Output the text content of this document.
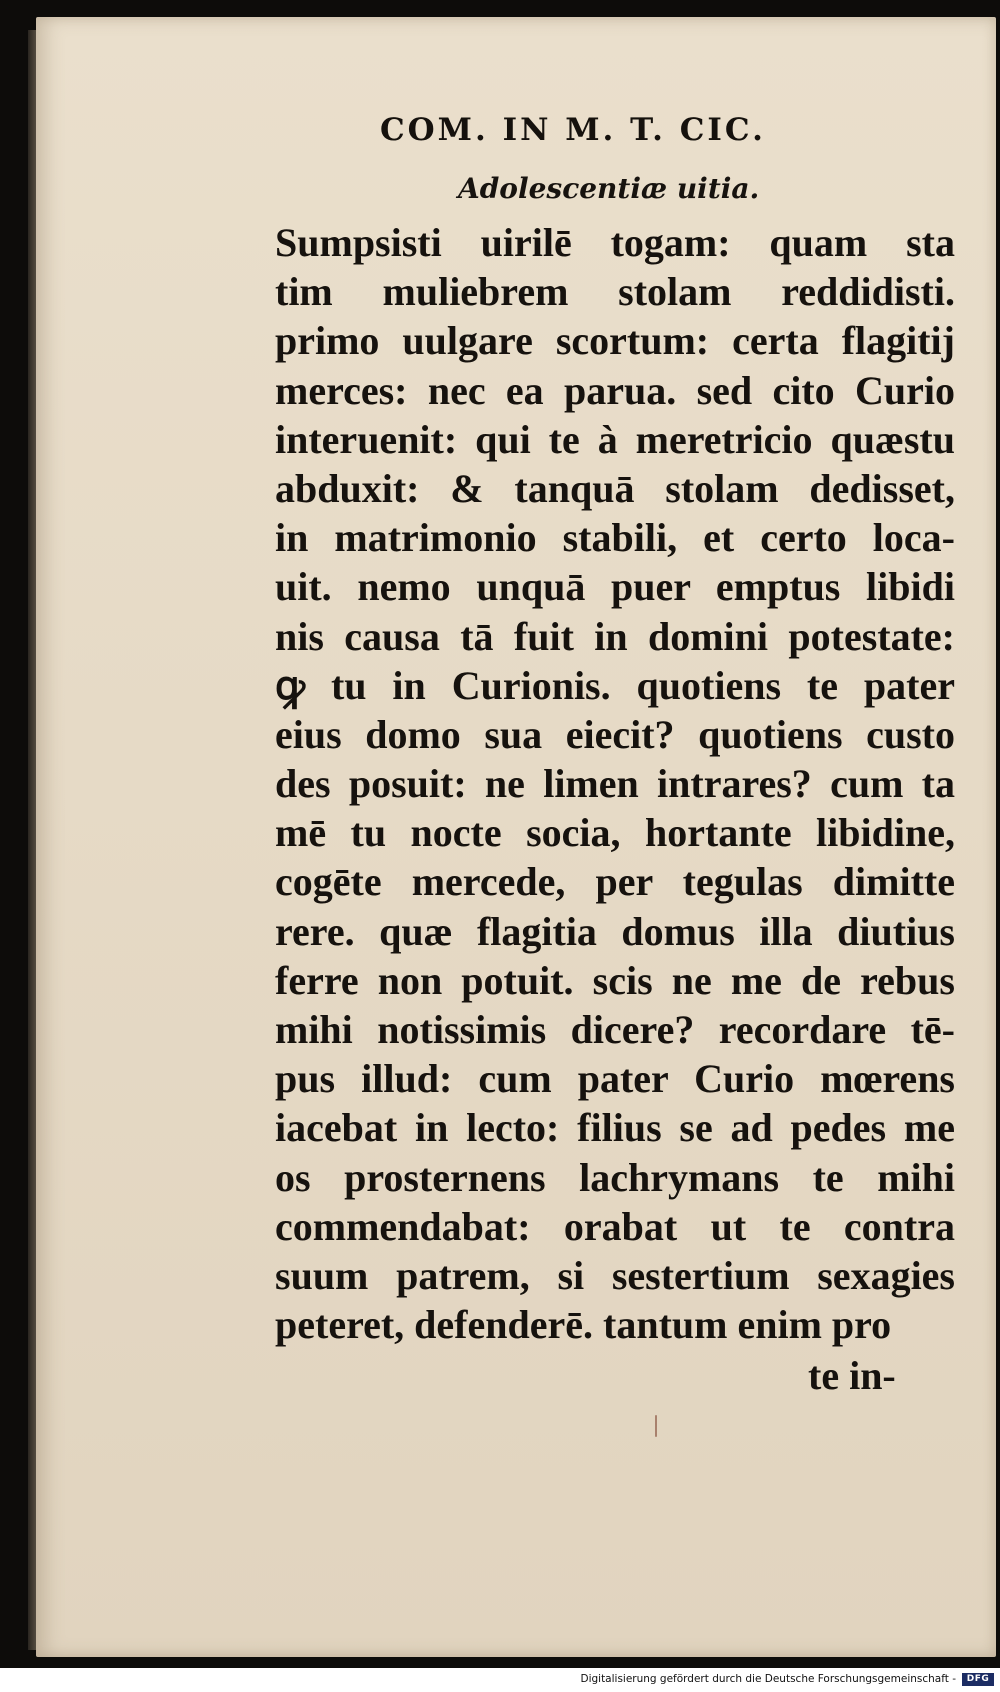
COM. IN M. T. CIC.
Adolescentiæ uitia.
Sumpsisti uirilē togam: quam sta
tim muliebrem stolam reddidisti.
primo uulgare scortum: certa flagitij
merces: nec ea parua. sed cito Curio
interuenit: qui te à meretricio quæstu
abduxit: & tanquā stolam dedisset,
in matrimonio stabili, et certo loca-
uit. nemo unquā puer emptus libidi
nis causa tā fuit in domini potestate:
ꝙ tu in Curionis. quotiens te pater
eius domo sua eiecit? quotiens custo
des posuit: ne limen intrares? cum ta
mē tu nocte socia, hortante libidine,
cogēte mercede, per tegulas dimitte
rere. quæ flagitia domus illa diutius
ferre non potuit. scis ne me de rebus
mihi notissimis dicere? recordare tē-
pus illud: cum pater Curio mœrens
iacebat in lecto: filius se ad pedes me
os prosternens lachrymans te mihi
commendabat: orabat ut te contra
suum patrem, si sestertium sexagies
peteret, defenderē. tantum enim pro
te in-
Digitalisierung gefördert durch die Deutsche Forschungsgemeinschaft -	DFG
